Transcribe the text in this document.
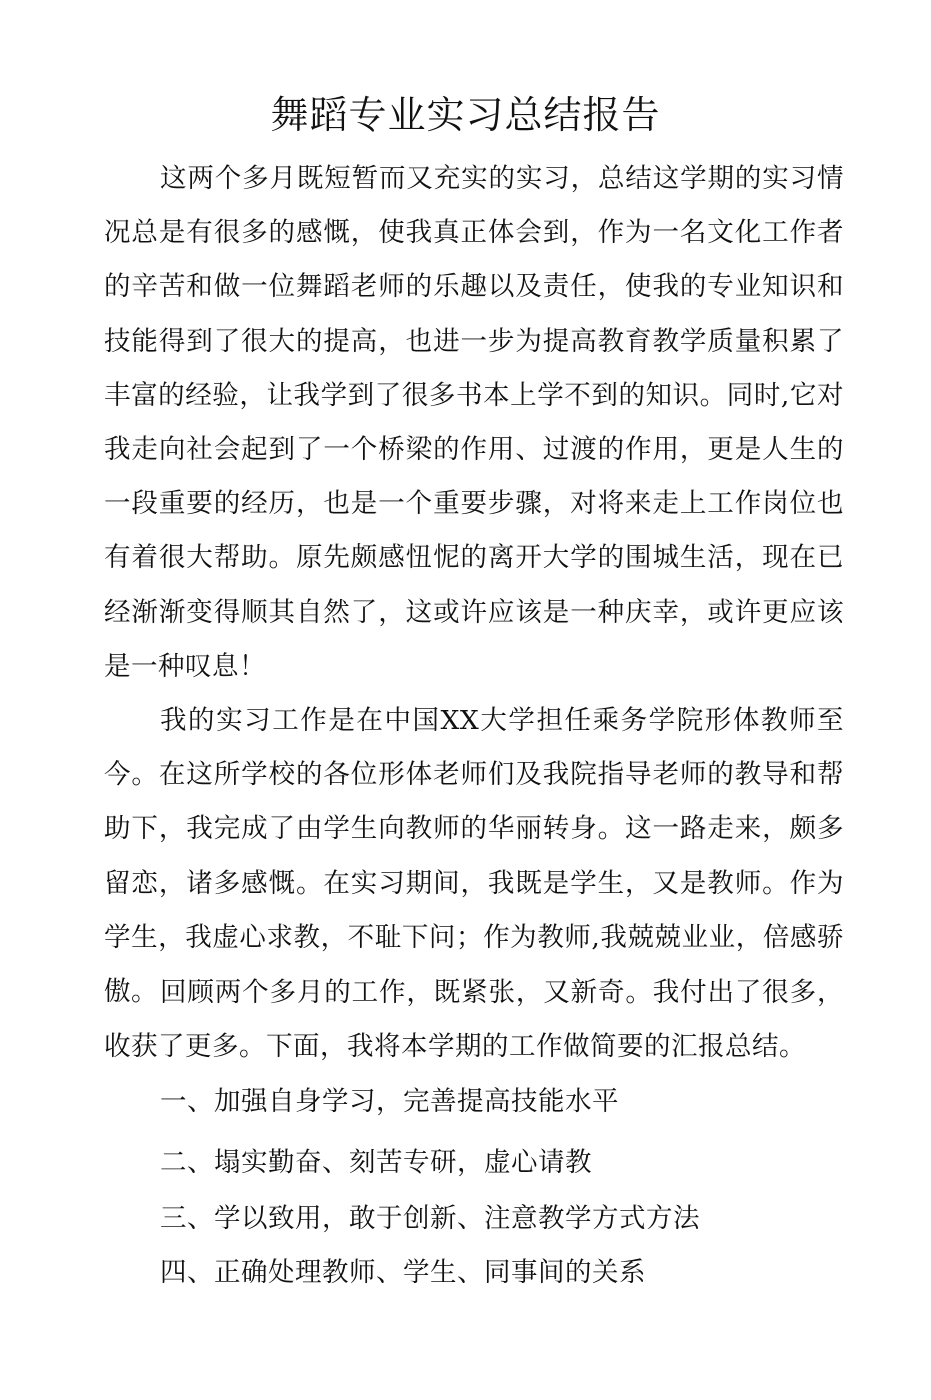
舞蹈专业实习总结报告

这两个多月既短暂而又充实的实习，总结这学期的实习情况总是有很多的感慨，使我真正体会到，作为一名文化工作者的辛苦和做一位舞蹈老师的乐趣以及责任，使我的专业知识和技能得到了很大的提高，也进一步为提高教育教学质量积累了丰富的经验，让我学到了很多书本上学不到的知识。同时,它对我走向社会起到了一个桥梁的作用、过渡的作用，更是人生的一段重要的经历，也是一个重要步骤，对将来走上工作岗位也有着很大帮助。原先颇感忸怩的离开大学的围城生活，现在已经渐渐变得顺其自然了，这或许应该是一种庆幸，或许更应该是一种叹息！

我的实习工作是在中国XX大学担任乘务学院形体教师至今。在这所学校的各位形体老师们及我院指导老师的教导和帮助下，我完成了由学生向教师的华丽转身。这一路走来，颇多留恋，诸多感慨。在实习期间，我既是学生，又是教师。作为学生，我虚心求教，不耻下问；作为教师,我兢兢业业，倍感骄傲。 回顾两个多月的工作，既紧张，又新奇。我付出了很多，收获了更多。下面，我将本学期的工作做简要的汇报总结。

一、加强自身学习，完善提高技能水平

二、塌实勤奋、刻苦专研，虚心请教

三、学以致用，敢于创新、注意教学方式方法

四、正确处理教师、学生、同事间的关系
